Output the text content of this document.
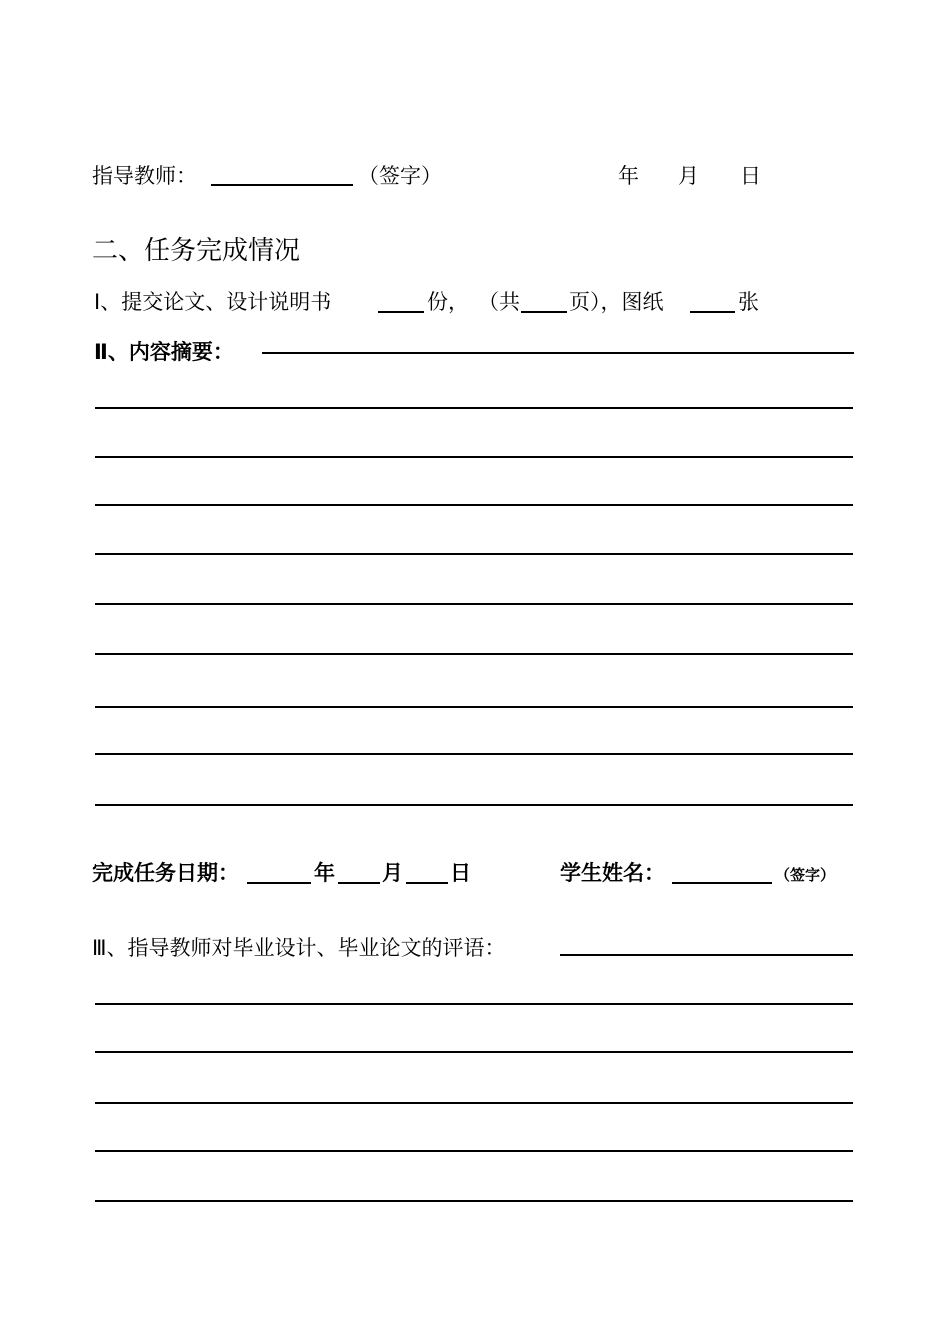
指导教师：	（签字）	年 月 日
二、任务完成情况
Ⅰ、提交论文、设计说明书	份， （共 页），图纸	张
Ⅱ、内容摘要：
完成任务日期：	年 月 日	学生姓名：	（签字）
Ⅲ、指导教师对毕业设计、毕业论文的评语：
